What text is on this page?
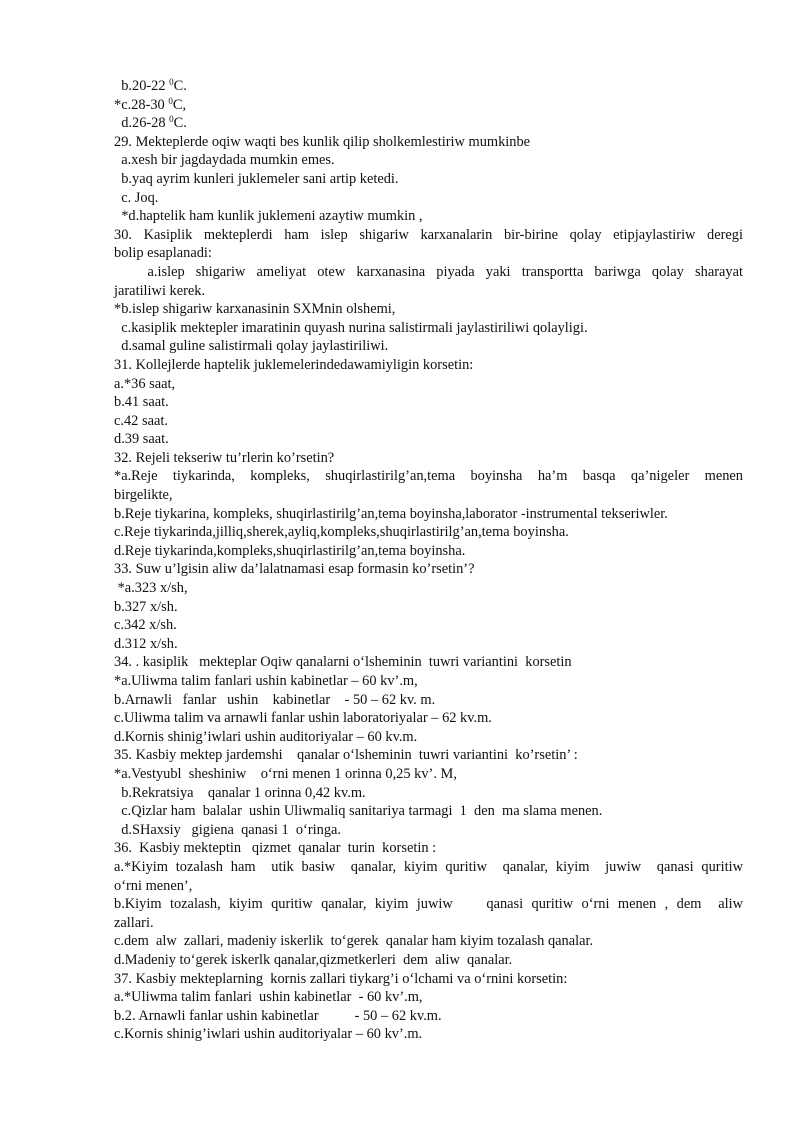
b.20-22 $^0$C.
*c.28-30 $^0$C,
d.26-28 $^0$C.
29. Mekteplerde oqiw waqti bes kunlik qilip sholkemlestiriw mumkinbe
a.xesh bir jagdaydada mumkin emes.
b.yaq ayrim kunleri juklemeler sani artip ketedi.
c. Joq.
*d.haptelik ham kunlik juklemeni azaytiw mumkin ,
30. Kasiplik mekteplerdi ham islep shigariw karxanalarin bir-birine qolay etipjaylastiriw deregi
bolip esaplanadi:
a.islep shigariw ameliyat otew karxanasina piyada yaki transportta bariwga qolay sharayat
jaratiliwi kerek.
*b.islep shigariw karxanasinin SXMnin olshemi,
c.kasiplik mektepler imaratinin quyash nurina salistirmali jaylastiriliwi qolayligi.
d.samal guline salistirmali qolay jaylastiriliwi.
31. Kollejlerde haptelik juklemelerindedawamiyligin korsetin:
a.*36 saat,
b.41 saat.
c.42 saat.
d.39 saat.
32. Rejeli tekseriw tu’rlerin ko’rsetin?
*a.Reje tiykarinda, kompleks, shuqirlastirilg’an,tema boyinsha ha’m basqa qa’nigeler menen
birgelikte,
b.Reje tiykarina, kompleks, shuqirlastirilg’an,tema boyinsha,laborator -instrumental tekseriwler.
c.Reje tiykarinda,jilliq,sherek,ayliq,kompleks,shuqirlastirilg’an,tema boyinsha.
d.Reje tiykarinda,kompleks,shuqirlastirilg’an,tema boyinsha.
33. Suw u’lgisin aliw da’lalatnamasi esap formasin ko’rsetin’?
*a.323 x/sh,
b.327 x/sh.
c.342 x/sh.
d.312 x/sh.
34. . kasiplik   mekteplar Oqiw qanalarni o‘lsheminin  tuwri variantini  korsetin
*a.Uliwma talim fanlari ushin kabinetlar – 60 kv’.m,
b.Arnawli   fanlar   ushin    kabinetlar    - 50 – 62 kv. m.
c.Uliwma talim va arnawli fanlar ushin laboratoriyalar – 62 kv.m.
d.Kornis shinig’iwlari ushin auditoriyalar – 60 kv.m.
35. Kasbiy mektep jardemshi    qanalar o‘lsheminin  tuwri variantini  ko’rsetin’ :
*a.Vestyubl  sheshiniw    o‘rni menen 1 orinna 0,25 kv’. M,
b.Rekratsiya    qanalar 1 orinna 0,42 kv.m.
c.Qizlar ham  balalar  ushin Uliwmaliq sanitariya tarmagi  1  den  ma slama menen.
d.SHaxsiy   gigiena  qanasi 1  o‘ringa.
36.  Kasbiy mekteptin   qizmet  qanalar  turin  korsetin :
a.*Kiyim tozalash ham  utik basiw  qanalar, kiyim quritiw  qanalar, kiyim  juwiw  qanasi quritiw
o‘rni menen’,
b.Kiyim tozalash, kiyim quritiw qanalar, kiyim juwiw    qanasi quritiw o‘rni menen , dem  aliw
zallari.
c.dem  alw  zallari, madeniy iskerlik  to‘gerek  qanalar ham kiyim tozalash qanalar.
d.Madeniy to‘gerek iskerlk qanalar,qizmetkerleri  dem  aliw  qanalar.
37. Kasbiy mekteplarning  kornis zallari tiykarg’i o‘lchami va o‘rnini korsetin:
a.*Uliwma talim fanlari  ushin kabinetlar  - 60 kv’.m,
b.2. Arnawli fanlar ushin kabinetlar          - 50 – 62 kv.m.
c.Kornis shinig’iwlari ushin auditoriyalar – 60 kv’.m.
